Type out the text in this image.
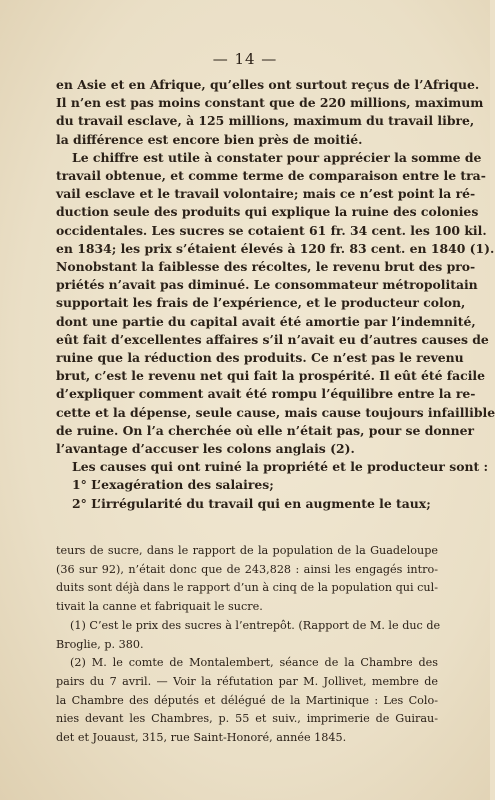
— 14 —
en Asie et en Afrique, qu’elles ont surtout reçus de l’Afrique.
Il n’en est pas moins constant que de 220 millions, maximum
du travail esclave, à 125 millions, maximum du travail libre,
la différence est encore bien près de moitié.
Le chiffre est utile à constater pour apprécier la somme de
travail obtenue, et comme terme de comparaison entre le tra-
vail esclave et le travail volontaire; mais ce n’est point la ré-
duction seule des produits qui explique la ruine des colonies
occidentales. Les sucres se cotaient 61 fr. 34 cent. les 100 kil.
en 1834; les prix s’étaient élevés à 120 fr. 83 cent. en 1840 (1).
Nonobstant la faiblesse des récoltes, le revenu brut des pro-
priétés n’avait pas diminué. Le consommateur métropolitain
supportait les frais de l’expérience, et le producteur colon,
dont une partie du capital avait été amortie par l’indemnité,
eût fait d’excellentes affaires s’il n’avait eu d’autres causes de
ruine que la réduction des produits. Ce n’est pas le revenu
brut, c’est le revenu net qui fait la prospérité. Il eût été facile
d’expliquer comment avait été rompu l’équilibre entre la re-
cette et la dépense, seule cause, mais cause toujours infaillible
de ruine. On l’a cherchée où elle n’était pas, pour se donner
l’avantage d’accuser les colons anglais (2).
Les causes qui ont ruiné la propriété et le producteur sont :
1° L’exagération des salaires;
2° L’irrégularité du travail qui en augmente le taux;
teurs de sucre, dans le rapport de la population de la Guadeloupe
(36 sur 92), n’était donc que de 243,828 : ainsi les engagés intro-
duits sont déjà dans le rapport d’un à cinq de la population qui cul-
tivait la canne et fabriquait le sucre.
(1) C’est le prix des sucres à l’entrepôt. (Rapport de M. le duc de
Broglie, p. 380.
(2) M. le comte de Montalembert, séance de la Chambre des
pairs du 7 avril. — Voir la réfutation par M. Jollivet, membre de
la Chambre des députés et délégué de la Martinique : Les Colo-
nies devant les Chambres, p. 55 et suiv., imprimerie de Guirau-
det et Jouaust, 315, rue Saint-Honoré, année 1845.
